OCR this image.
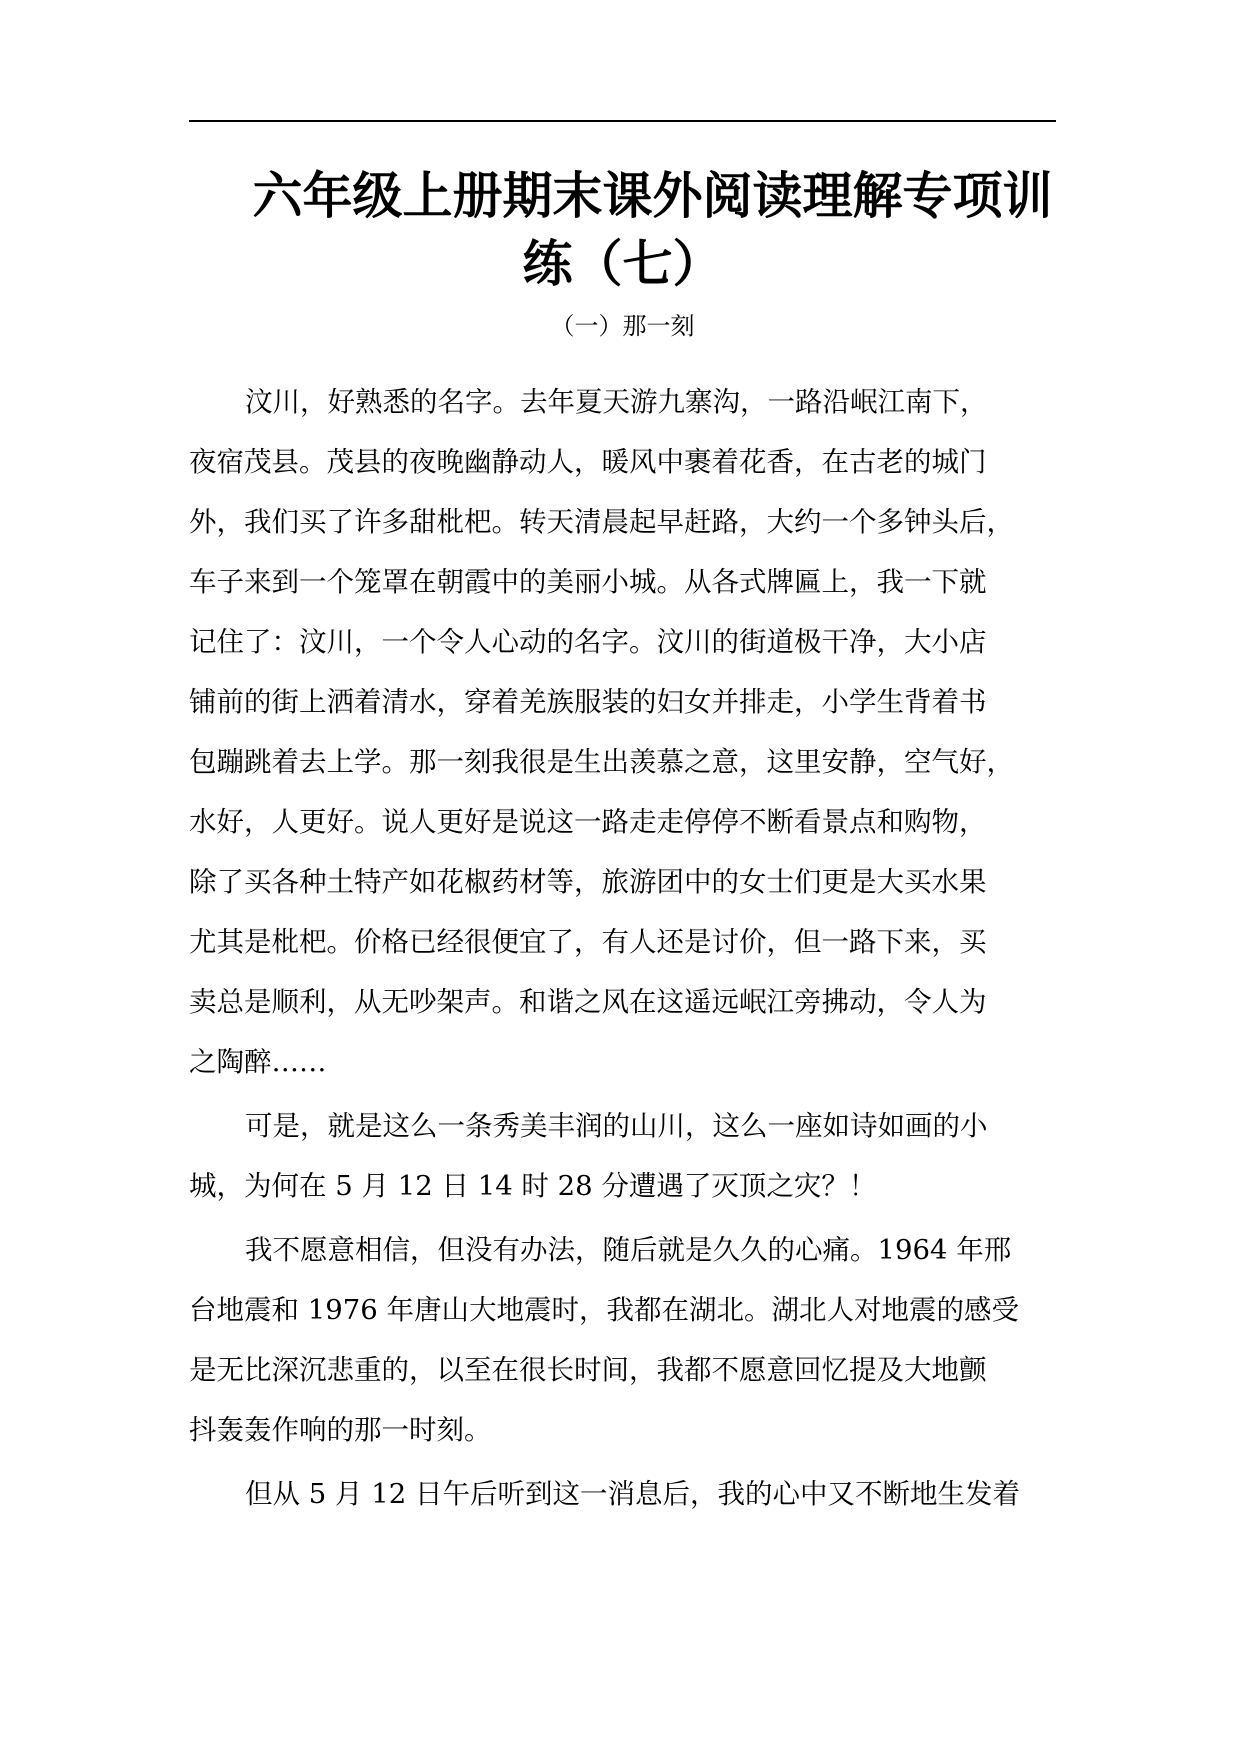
六年级上册期末课外阅读理解专项训
练（七）
（一）那一刻

汶川，好熟悉的名字。去年夏天游九寨沟，一路沿岷江南下，
夜宿茂县。茂县的夜晚幽静动人，暖风中裹着花香，在古老的城门
外，我们买了许多甜枇杷。转天清晨起早赶路，大约一个多钟头后，
车子来到一个笼罩在朝霞中的美丽小城。从各式牌匾上，我一下就
记住了：汶川，一个令人心动的名字。汶川的街道极干净，大小店
铺前的街上洒着清水，穿着羌族服装的妇女并排走，小学生背着书
包蹦跳着去上学。那一刻我很是生出羡慕之意，这里安静，空气好，
水好，人更好。说人更好是说这一路走走停停不断看景点和购物，
除了买各种土特产如花椒药材等，旅游团中的女士们更是大买水果
尤其是枇杷。价格已经很便宜了，有人还是讨价，但一路下来，买
卖总是顺利，从无吵架声。和谐之风在这遥远岷江旁拂动，令人为
之陶醉……

可是，就是这么一条秀美丰润的山川，这么一座如诗如画的小
城，为何在 5 月 12 日 14 时 28 分遭遇了灭顶之灾？！

我不愿意相信，但没有办法，随后就是久久的心痛。1964 年邢
台地震和 1976 年唐山大地震时，我都在湖北。湖北人对地震的感受
是无比深沉悲重的，以至在很长时间，我都不愿意回忆提及大地颤
抖轰轰作响的那一时刻。

但从 5 月 12 日午后听到这一消息后，我的心中又不断地生发着
